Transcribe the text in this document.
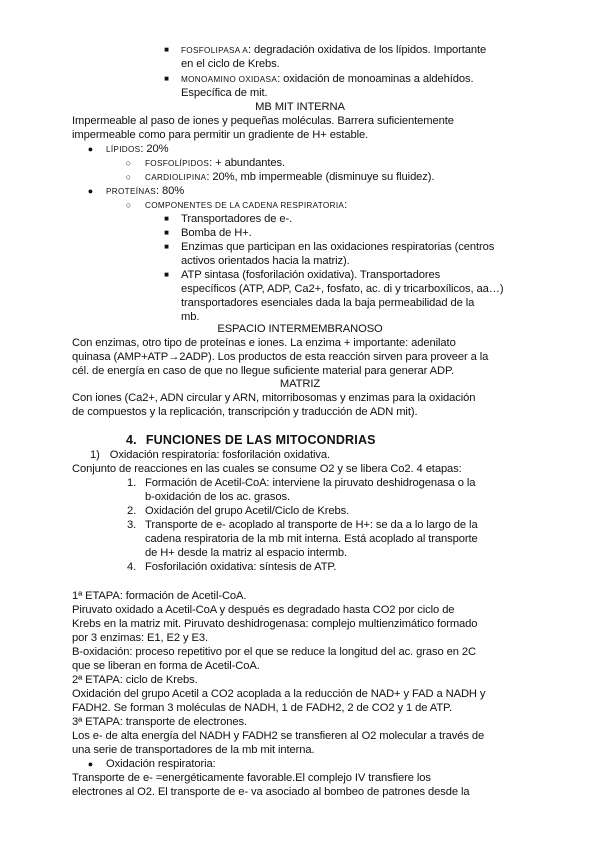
■	FOSFOLIPASA A: degradación oxidativa de los lípidos. Importante
en el ciclo de Krebs.
■	MONOAMINO OXIDASA: oxidación de monoaminas a aldehídos.
Específica de mit.
MB MIT INTERNA
Impermeable al paso de iones y pequeñas moléculas. Barrera suficientemente
impermeable como para permitir un gradiente de H+ estable.
●	LÍPIDOS: 20%
○	FOSFOLÍPIDOS: + abundantes.
○	CARDIOLIPINA: 20%, mb impermeable (disminuye su fluidez).
●	PROTEÍNAS: 80%
○	COMPONENTES DE LA CADENA RESPIRATORIA:
■	Transportadores de e-.
■	Bomba de H+.
■	Enzimas que participan en las oxidaciones respiratorias (centros
activos orientados hacia la matriz).
■	ATP sintasa (fosforilación oxidativa). Transportadores
específicos (ATP, ADP, Ca2+, fosfato, ac. di y tricarboxílicos, aa…)
transportadores esenciales dada la baja permeabilidad de la
mb.
ESPACIO INTERMEMBRANOSO
Con enzimas, otro tipo de proteínas e iones. La enzima + importante: adenilato
quinasa (AMP+ATP→2ADP). Los productos de esta reacción sirven para proveer a la
cél. de energía en caso de que no llegue suficiente material para generar ADP.
MATRIZ
Con iones (Ca2+, ADN circular y ARN, mitorribosomas y enzimas para la oxidación
de compuestos y la replicación, transcripción y traducción de ADN mit).
4. FUNCIONES DE LAS MITOCONDRIAS
1) Oxidación respiratoria: fosforilación oxidativa.
Conjunto de reacciones en las cuales se consume O2 y se libera Co2. 4 etapas:
1. Formación de Acetil-CoA: interviene la piruvato deshidrogenasa o la
b-oxidación de los ac. grasos.
2. Oxidación del grupo Acetil/Ciclo de Krebs.
3. Transporte de e- acoplado al transporte de H+: se da a lo largo de la
cadena respiratoria de la mb mit interna. Está acoplado al transporte
de H+ desde la matriz al espacio intermb.
4. Fosforilación oxidativa: síntesis de ATP.
1ª ETAPA: formación de Acetil-CoA.
Piruvato oxidado a Acetil-CoA y después es degradado hasta CO2 por ciclo de
Krebs en la matriz mit. Piruvato deshidrogenasa: complejo multienzimático formado
por 3 enzimas: E1, E2 y E3.
B-oxidación: proceso repetitivo por el que se reduce la longitud del ac. graso en 2C
que se liberan en forma de Acetil-CoA.
2ª ETAPA: ciclo de Krebs.
Oxidación del grupo Acetil a CO2 acoplada a la reducción de NAD+ y FAD a NADH y
FADH2. Se forman 3 moléculas de NADH, 1 de FADH2, 2 de CO2 y 1 de ATP.
3ª ETAPA: transporte de electrones.
Los e- de alta energía del NADH y FADH2 se transfieren al O2 molecular a través de
una serie de transportadores de la mb mit interna.
●	Oxidación respiratoria:
Transporte de e- =energéticamente favorable.El complejo IV transfiere los
electrones al O2. El transporte de e- va asociado al bombeo de patrones desde la
